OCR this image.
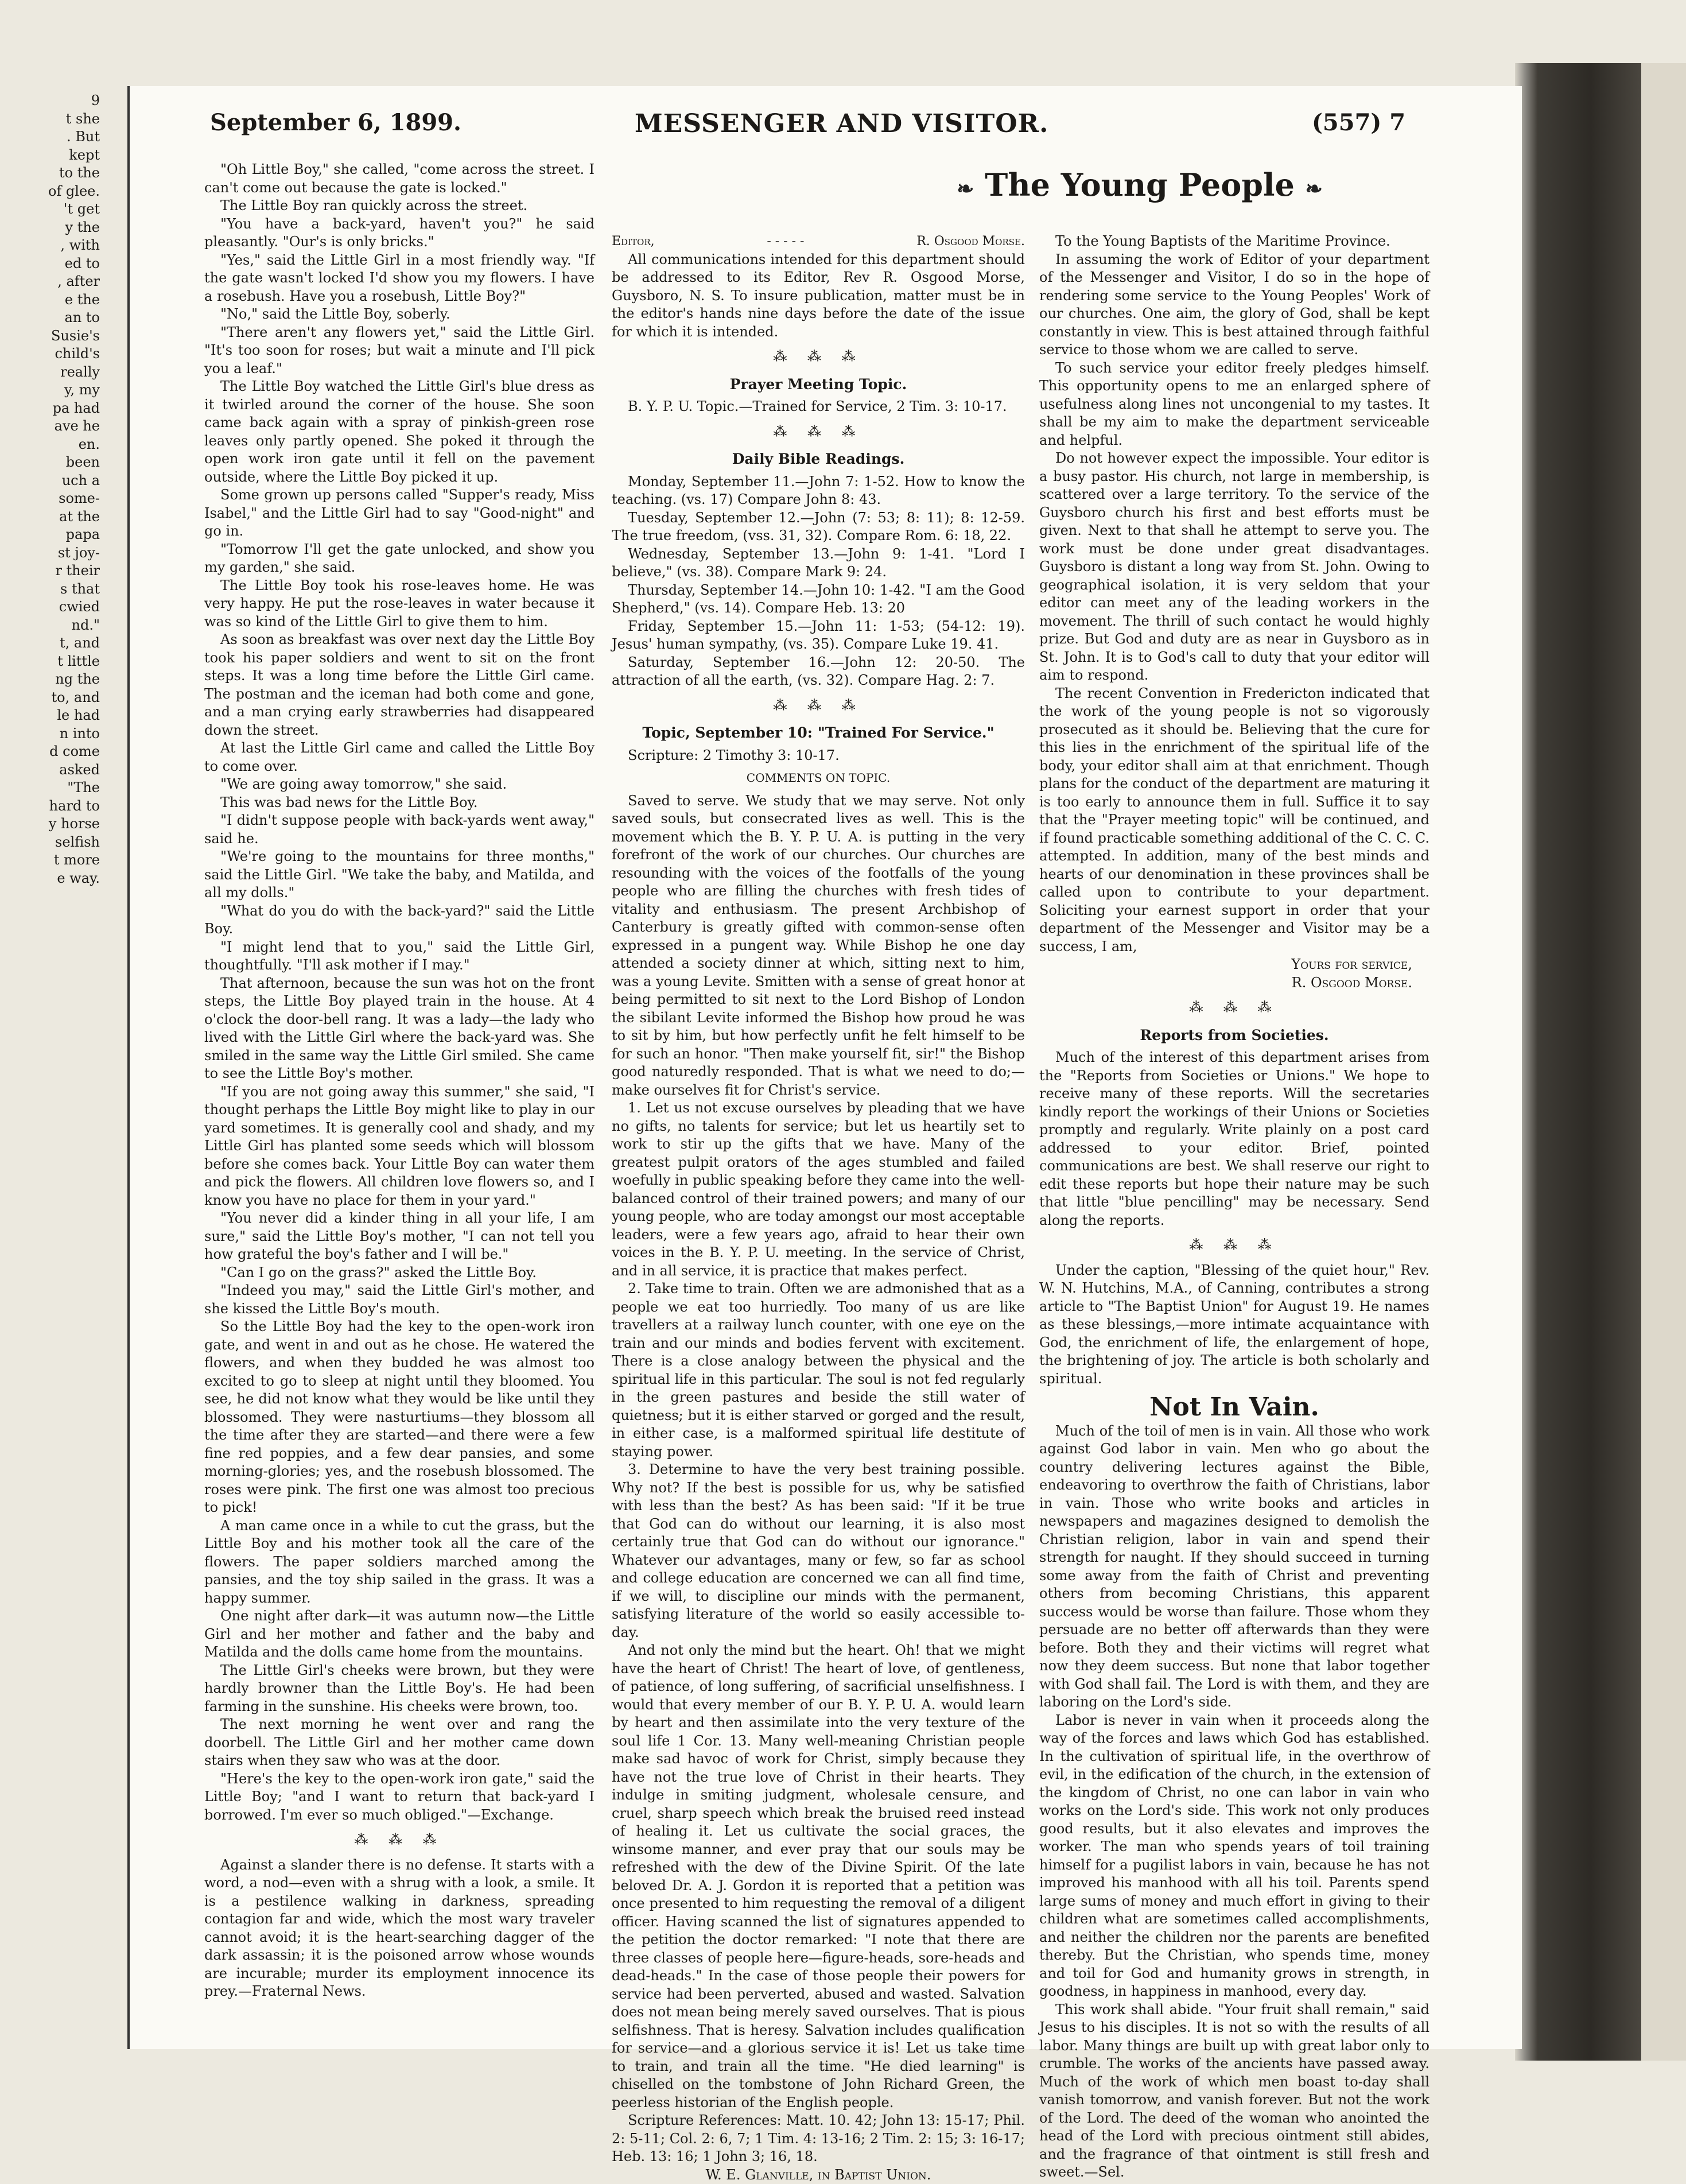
9

t she

. But

kept

to the

of glee.

't get

y the

, with

ed to

, after

e the

an to

Susie's

child's

really

y, my

pa had

ave he

en.

been

uch a

some-

at the

papa

st joy-

r their

s that

cwied

nd."

t, and

t little

ng the

to, and

le had

n into

d come

asked

"The

hard to

y horse

selfish

t more

e way.

September 6, 1899.	MESSENGER AND VISITOR.	(557) 7
❧ The Young People ❧

"Oh Little Boy," she called, "come across the street. I can't come out because the gate is locked."

The Little Boy ran quickly across the street.

"You have a back-yard, haven't you?" he said pleasantly. "Our's is only bricks."

"Yes," said the Little Girl in a most friendly way. "If the gate wasn't locked I'd show you my flowers. I have a rosebush. Have you a rosebush, Little Boy?"

"No," said the Little Boy, soberly.

"There aren't any flowers yet," said the Little Girl. "It's too soon for roses; but wait a minute and I'll pick you a leaf."

The Little Boy watched the Little Girl's blue dress as it twirled around the corner of the house. She soon came back again with a spray of pinkish-green rose leaves only partly opened. She poked it through the open work iron gate until it fell on the pavement outside, where the Little Boy picked it up.

Some grown up persons called "Supper's ready, Miss Isabel," and the Little Girl had to say "Good-night" and go in.

"Tomorrow I'll get the gate unlocked, and show you my garden," she said.

The Little Boy took his rose-leaves home. He was very happy. He put the rose-leaves in water because it was so kind of the Little Girl to give them to him.

As soon as breakfast was over next day the Little Boy took his paper soldiers and went to sit on the front steps. It was a long time before the Little Girl came. The postman and the iceman had both come and gone, and a man crying early strawberries had disappeared down the street.

At last the Little Girl came and called the Little Boy to come over.

"We are going away tomorrow," she said.

This was bad news for the Little Boy.

"I didn't suppose people with back-yards went away," said he.

"We're going to the mountains for three months," said the Little Girl. "We take the baby, and Matilda, and all my dolls."

"What do you do with the back-yard?" said the Little Boy.

"I might lend that to you," said the Little Girl, thoughtfully. "I'll ask mother if I may."

That afternoon, because the sun was hot on the front steps, the Little Boy played train in the house. At 4 o'clock the door-bell rang. It was a lady—the lady who lived with the Little Girl where the back-yard was. She smiled in the same way the Little Girl smiled. She came to see the Little Boy's mother.

"If you are not going away this summer," she said, "I thought perhaps the Little Boy might like to play in our yard sometimes. It is generally cool and shady, and my Little Girl has planted some seeds which will blossom before she comes back. Your Little Boy can water them and pick the flowers. All children love flowers so, and I know you have no place for them in your yard."

"You never did a kinder thing in all your life, I am sure," said the Little Boy's mother, "I can not tell you how grateful the boy's father and I will be."

"Can I go on the grass?" asked the Little Boy.

"Indeed you may," said the Little Girl's mother, and she kissed the Little Boy's mouth.

So the Little Boy had the key to the open-work iron gate, and went in and out as he chose. He watered the flowers, and when they budded he was almost too excited to go to sleep at night until they bloomed. You see, he did not know what they would be like until they blossomed. They were nasturtiums—they blossom all the time after they are started—and there were a few fine red poppies, and a few dear pansies, and some morning-glories; yes, and the rosebush blossomed. The roses were pink. The first one was almost too precious to pick!

A man came once in a while to cut the grass, but the Little Boy and his mother took all the care of the flowers. The paper soldiers marched among the pansies, and the toy ship sailed in the grass. It was a happy summer.

One night after dark—it was autumn now—the Little Girl and her mother and father and the baby and Matilda and the dolls came home from the mountains.

The Little Girl's cheeks were brown, but they were hardly browner than the Little Boy's. He had been farming in the sunshine. His cheeks were brown, too.

The next morning he went over and rang the doorbell. The Little Girl and her mother came down stairs when they saw who was at the door.

"Here's the key to the open-work iron gate," said the Little Boy; "and I want to return that back-yard I borrowed. I'm ever so much obliged."—Exchange.

⁂ ⁂ ⁂

Against a slander there is no defense. It starts with a word, a nod—even with a shrug with a look, a smile. It is a pestilence walking in darkness, spreading contagion far and wide, which the most wary traveler cannot avoid; it is the heart-searching dagger of the dark assassin; it is the poisoned arrow whose wounds are incurable; murder its employment innocence its prey.—Fraternal News.

Editor,	- - - - -	R. Osgood Morse.

All communications intended for this department should be addressed to its Editor, Rev R. Osgood Morse, Guysboro, N. S. To insure publication, matter must be in the editor's hands nine days before the date of the issue for which it is intended.

⁂ ⁂ ⁂
Prayer Meeting Topic.

B. Y. P. U. Topic.—Trained for Service, 2 Tim. 3: 10-17.

⁂ ⁂ ⁂
Daily Bible Readings.

Monday, September 11.—John 7: 1-52. How to know the teaching. (vs. 17) Compare John 8: 43.

Tuesday, September 12.—John (7: 53; 8: 11); 8: 12-59. The true freedom, (vss. 31, 32). Compare Rom. 6: 18, 22.

Wednesday, September 13.—John 9: 1-41. "Lord I believe," (vs. 38). Compare Mark 9: 24.

Thursday, September 14.—John 10: 1-42. "I am the Good Shepherd," (vs. 14). Compare Heb. 13: 20

Friday, September 15.—John 11: 1-53; (54-12: 19). Jesus' human sympathy, (vs. 35). Compare Luke 19. 41.

Saturday, September 16.—John 12: 20-50. The attraction of all the earth, (vs. 32). Compare Hag. 2: 7.

⁂ ⁂ ⁂
Topic, September 10: "Trained For Service."

Scripture: 2 Timothy 3: 10-17.

COMMENTS ON TOPIC.

Saved to serve. We study that we may serve. Not only saved souls, but consecrated lives as well. This is the movement which the B. Y. P. U. A. is putting in the very forefront of the work of our churches. Our churches are resounding with the voices of the footfalls of the young people who are filling the churches with fresh tides of vitality and enthusiasm. The present Archbishop of Canterbury is greatly gifted with common-sense often expressed in a pungent way. While Bishop he one day attended a society dinner at which, sitting next to him, was a young Levite. Smitten with a sense of great honor at being permitted to sit next to the Lord Bishop of London the sibilant Levite informed the Bishop how proud he was to sit by him, but how perfectly unfit he felt himself to be for such an honor. "Then make yourself fit, sir!" the Bishop good naturedly responded. That is what we need to do;—make ourselves fit for Christ's service.

1. Let us not excuse ourselves by pleading that we have no gifts, no talents for service; but let us heartily set to work to stir up the gifts that we have. Many of the greatest pulpit orators of the ages stumbled and failed woefully in public speaking before they came into the well-balanced control of their trained powers; and many of our young people, who are today amongst our most acceptable leaders, were a few years ago, afraid to hear their own voices in the B. Y. P. U. meeting. In the service of Christ, and in all service, it is practice that makes perfect.

2. Take time to train. Often we are admonished that as a people we eat too hurriedly. Too many of us are like travellers at a railway lunch counter, with one eye on the train and our minds and bodies fervent with excitement. There is a close analogy between the physical and the spiritual life in this particular. The soul is not fed regularly in the green pastures and beside the still water of quietness; but it is either starved or gorged and the result, in either case, is a malformed spiritual life destitute of staying power.

3. Determine to have the very best training possible. Why not? If the best is possible for us, why be satisfied with less than the best? As has been said: "If it be true that God can do without our learning, it is also most certainly true that God can do without our ignorance." Whatever our advantages, many or few, so far as school and college education are concerned we can all find time, if we will, to discipline our minds with the permanent, satisfying literature of the world so easily accessible to-day.

And not only the mind but the heart. Oh! that we might have the heart of Christ! The heart of love, of gentleness, of patience, of long suffering, of sacrificial unselfishness. I would that every member of our B. Y. P. U. A. would learn by heart and then assimilate into the very texture of the soul life 1 Cor. 13. Many well-meaning Christian people make sad havoc of work for Christ, simply because they have not the true love of Christ in their hearts. They indulge in smiting judgment, wholesale censure, and cruel, sharp speech which break the bruised reed instead of healing it. Let us cultivate the social graces, the winsome manner, and ever pray that our souls may be refreshed with the dew of the Divine Spirit. Of the late beloved Dr. A. J. Gordon it is reported that a petition was once presented to him requesting the removal of a diligent officer. Having scanned the list of signatures appended to the petition the doctor remarked: "I note that there are three classes of people here—figure-heads, sore-heads and dead-heads." In the case of those people their powers for service had been perverted, abused and wasted. Salvation does not mean being merely saved ourselves. That is pious selfishness. That is heresy. Salvation includes qualification for service—and a glorious service it is! Let us take time to train, and train all the time. "He died learning" is chiselled on the tombstone of John Richard Green, the peerless historian of the English people.

Scripture References: Matt. 10. 42; John 13: 15-17; Phil. 2: 5-11; Col. 2: 6, 7; 1 Tim. 4: 13-16; 2 Tim. 2: 15; 3: 16-17; Heb. 13: 16; 1 John 3; 16, 18.

W. E. Glanville, in Baptist Union.

To the Young Baptists of the Maritime Province.

In assuming the work of Editor of your department of the Messenger and Visitor, I do so in the hope of rendering some service to the Young Peoples' Work of our churches. One aim, the glory of God, shall be kept constantly in view. This is best attained through faithful service to those whom we are called to serve.

To such service your editor freely pledges himself. This opportunity opens to me an enlarged sphere of usefulness along lines not uncongenial to my tastes. It shall be my aim to make the department serviceable and helpful.

Do not however expect the impossible. Your editor is a busy pastor. His church, not large in membership, is scattered over a large territory. To the service of the Guysboro church his first and best efforts must be given. Next to that shall he attempt to serve you. The work must be done under great disadvantages. Guysboro is distant a long way from St. John. Owing to geographical isolation, it is very seldom that your editor can meet any of the leading workers in the movement. The thrill of such contact he would highly prize. But God and duty are as near in Guysboro as in St. John. It is to God's call to duty that your editor will aim to respond.

The recent Convention in Fredericton indicated that the work of the young people is not so vigorously prosecuted as it should be. Believing that the cure for this lies in the enrichment of the spiritual life of the body, your editor shall aim at that enrichment. Though plans for the conduct of the department are maturing it is too early to announce them in full. Suffice it to say that the "Prayer meeting topic" will be continued, and if found practicable something additional of the C. C. C. attempted. In addition, many of the best minds and hearts of our denomination in these provinces shall be called upon to contribute to your department. Soliciting your earnest support in order that your department of the Messenger and Visitor may be a success, I am,

Yours for service,

R. Osgood Morse.

⁂ ⁂ ⁂
Reports from Societies.

Much of the interest of this department arises from the "Reports from Societies or Unions." We hope to receive many of these reports. Will the secretaries kindly report the workings of their Unions or Societies promptly and regularly. Write plainly on a post card addressed to your editor. Brief, pointed communications are best. We shall reserve our right to edit these reports but hope their nature may be such that little "blue pencilling" may be necessary. Send along the reports.

⁂ ⁂ ⁂

Under the caption, "Blessing of the quiet hour," Rev. W. N. Hutchins, M.A., of Canning, contributes a strong article to "The Baptist Union" for August 19. He names as these blessings,—more intimate acquaintance with God, the enrichment of life, the enlargement of hope, the brightening of joy. The article is both scholarly and spiritual.

Not In Vain.

Much of the toil of men is in vain. All those who work against God labor in vain. Men who go about the country delivering lectures against the Bible, endeavoring to overthrow the faith of Christians, labor in vain. Those who write books and articles in newspapers and magazines designed to demolish the Christian religion, labor in vain and spend their strength for naught. If they should succeed in turning some away from the faith of Christ and preventing others from becoming Christians, this apparent success would be worse than failure. Those whom they persuade are no better off afterwards than they were before. Both they and their victims will regret what now they deem success. But none that labor together with God shall fail. The Lord is with them, and they are laboring on the Lord's side.

Labor is never in vain when it proceeds along the way of the forces and laws which God has established. In the cultivation of spiritual life, in the overthrow of evil, in the edification of the church, in the extension of the kingdom of Christ, no one can labor in vain who works on the Lord's side. This work not only produces good results, but it also elevates and improves the worker. The man who spends years of toil training himself for a pugilist labors in vain, because he has not improved his manhood with all his toil. Parents spend large sums of money and much effort in giving to their children what are sometimes called accomplishments, and neither the children nor the parents are benefited thereby. But the Christian, who spends time, money and toil for God and humanity grows in strength, in goodness, in happiness in manhood, every day.

This work shall abide. "Your fruit shall remain," said Jesus to his disciples. It is not so with the results of all labor. Many things are built up with great labor only to crumble. The works of the ancients have passed away. Much of the work of which men boast to-day shall vanish tomorrow, and vanish forever. But not the work of the Lord. The deed of the woman who anointed the head of the Lord with precious ointment still abides, and the fragrance of that ointment is still fresh and sweet.—Sel.
